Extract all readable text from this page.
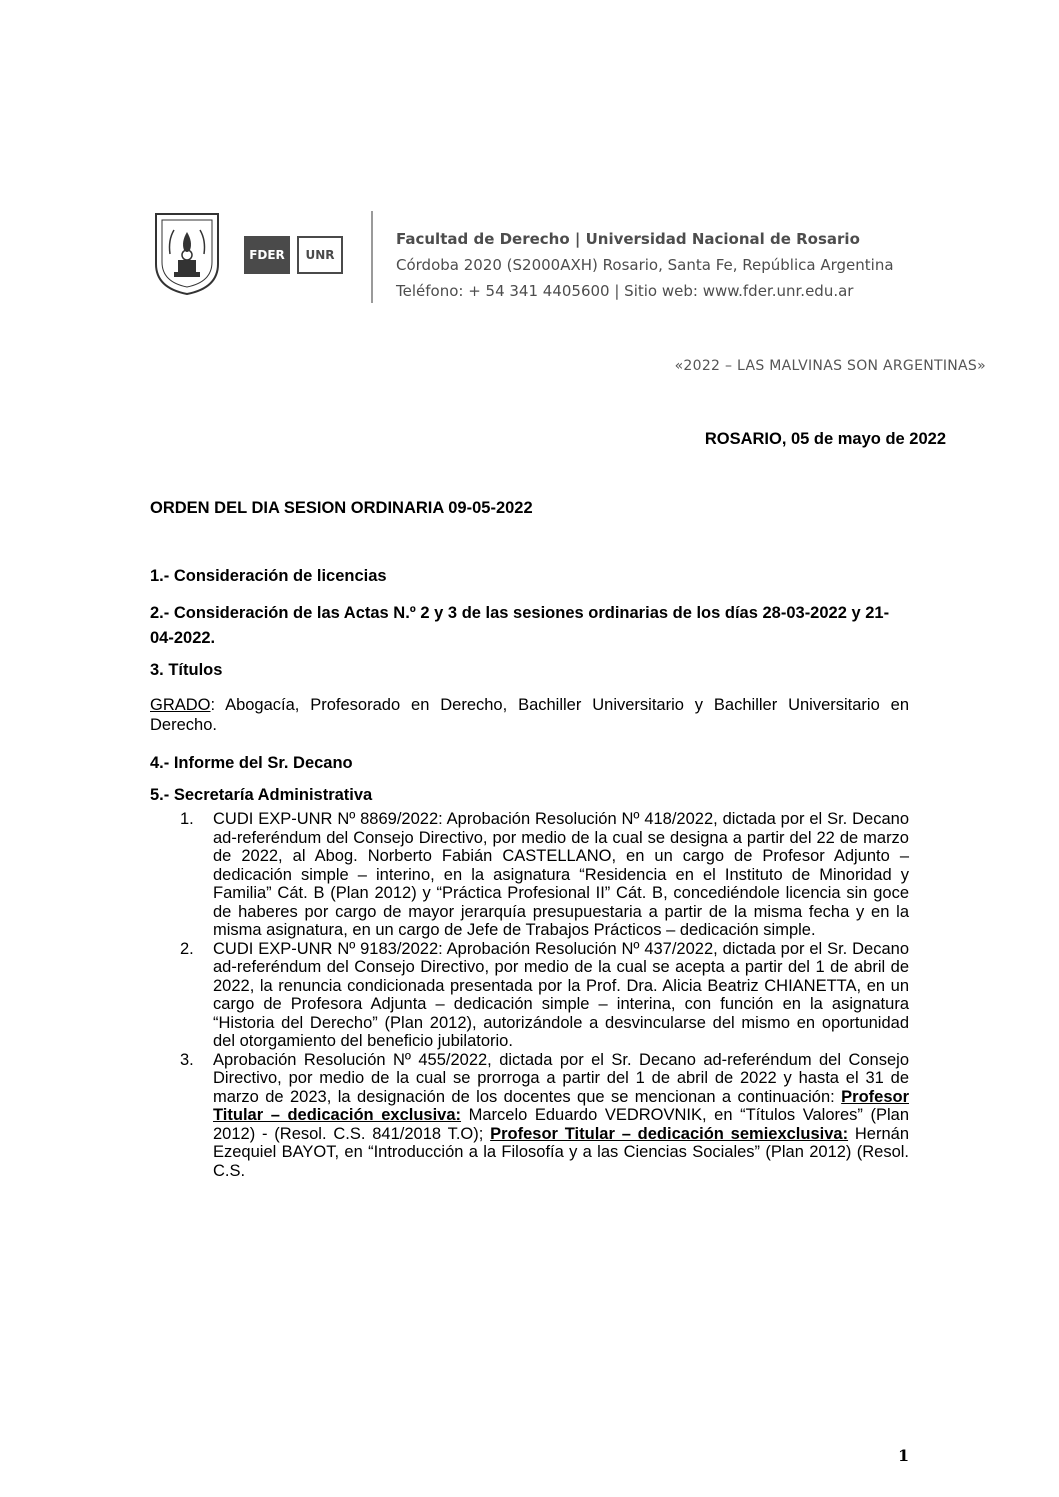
FDER	UNR
Facultad de Derecho | Universidad Nacional de Rosario
Córdoba 2020 (S2000AXH) Rosario, Santa Fe, República Argentina
Teléfono: + 54 341 4405600 | Sitio web: www.fder.unr.edu.ar
«2022 – LAS MALVINAS SON ARGENTINAS»
ROSARIO, 05 de mayo de 2022
ORDEN DEL DIA SESION ORDINARIA 09-05-2022

1.- Consideración de licencias

2.- Consideración de las Actas N.º 2 y 3 de las sesiones ordinarias de los días 28-03-2022 y 21-04-2022.

3. Títulos

GRADO: Abogacía, Profesorado en Derecho, Bachiller Universitario y Bachiller Universitario en Derecho.

4.- Informe del Sr. Decano

5.- Secretaría Administrativa

1. CUDI EXP-UNR Nº 8869/2022: Aprobación Resolución Nº 418/2022, dictada por el Sr. Decano ad-referéndum del Consejo Directivo, por medio de la cual se designa a partir del 22 de marzo de 2022, al Abog. Norberto Fabián CASTELLANO, en un cargo de Profesor Adjunto – dedicación simple – interino, en la asignatura “Residencia en el Instituto de Minoridad y Familia” Cát. B (Plan 2012) y “Práctica Profesional II” Cát. B, concediéndole licencia sin goce de haberes por cargo de mayor jerarquía presupuestaria a partir de la misma fecha y en la misma asignatura, en un cargo de Jefe de Trabajos Prácticos – dedicación simple.
2. CUDI EXP-UNR Nº 9183/2022: Aprobación Resolución Nº 437/2022, dictada por el Sr. Decano ad-referéndum del Consejo Directivo, por medio de la cual se acepta a partir del 1 de abril de 2022, la renuncia condicionada presentada por la Prof. Dra. Alicia Beatriz CHIANETTA, en un cargo de Profesora Adjunta – dedicación simple – interina, con función en la asignatura “Historia del Derecho” (Plan 2012), autorizándole a desvincularse del mismo en oportunidad del otorgamiento del beneficio jubilatorio.
3. Aprobación Resolución Nº 455/2022, dictada por el Sr. Decano ad-referéndum del Consejo Directivo, por medio de la cual se prorroga a partir del 1 de abril de 2022 y hasta el 31 de marzo de 2023, la designación de los docentes que se mencionan a continuación: Profesor Titular – dedicación exclusiva: Marcelo Eduardo VEDROVNIK, en “Títulos Valores” (Plan 2012) - (Resol. C.S. 841/2018 T.O); Profesor Titular – dedicación semiexclusiva: Hernán Ezequiel BAYOT, en “Introducción a la Filosofía y a las Ciencias Sociales” (Plan 2012) (Resol. C.S.
1
